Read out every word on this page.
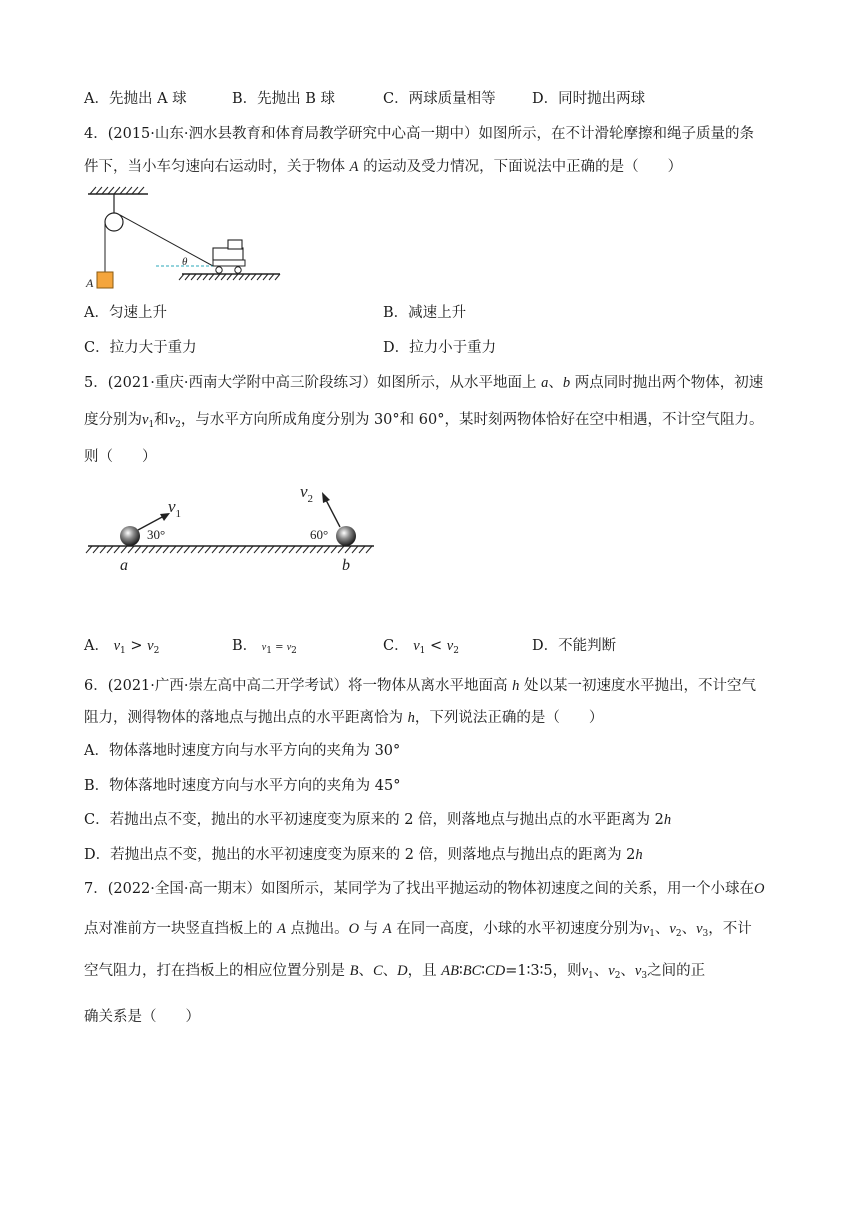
A．先抛出 A 球	B．先抛出 B 球	C．两球质量相等	D．同时抛出两球
4．(2015·山东·泗水县教育和体育局教学研究中心高一期中）如图所示，在不计滑轮摩擦和绳子质量的条
件下，当小车匀速向右运动时，关于物体 A 的运动及受力情况，下面说法中正确的是（　　）
A
θ
A．匀速上升	B．减速上升
C．拉力大于重力	D．拉力小于重力
5．(2021·重庆·西南大学附中高三阶段练习）如图所示，从水平地面上 a、b 两点同时抛出两个物体，初速
度分别为$v_1$和$v_2$，与水平方向所成角度分别为 30°和 60°，某时刻两物体恰好在空中相遇，不计空气阻力。
则（　　）
$v_1$
30°
a
$v_2$
60°
b
A． $v_1 > v_2$	B． $v_1 = v_2$	C． $v_1 < v_2$	D．不能判断
6．(2021·广西·崇左高中高二开学考试）将一物体从离水平地面高 h 处以某一初速度水平抛出，不计空气
阻力，测得物体的落地点与抛出点的水平距离恰为 h，下列说法正确的是（　　）
A．物体落地时速度方向与水平方向的夹角为 30°
B．物体落地时速度方向与水平方向的夹角为 45°
C．若抛出点不变，抛出的水平初速度变为原来的 2 倍，则落地点与抛出点的水平距离为 2h
D．若抛出点不变，抛出的水平初速度变为原来的 2 倍，则落地点与抛出点的距离为 2h
7．(2022·全国·高一期末）如图所示，某同学为了找出平抛运动的物体初速度之间的关系，用一个小球在O
点对准前方一块竖直挡板上的 A 点抛出。O 与 A 在同一高度，小球的水平初速度分别为$v_1$、$v_2$、$v_3$，不计
空气阻力，打在挡板上的相应位置分别是 B、C、D，且 AB∶BC∶CD=1∶3∶5，则$v_1$、$v_2$、$v_3$之间的正
确关系是（　　）
